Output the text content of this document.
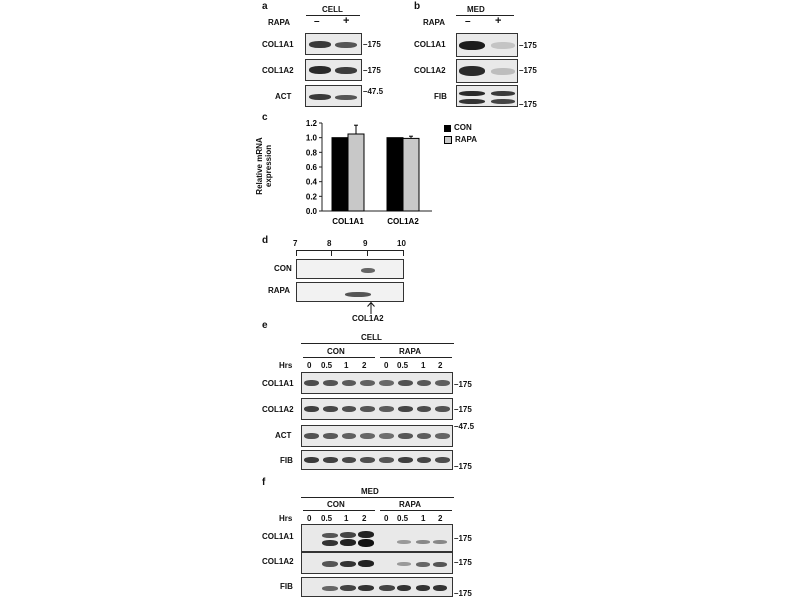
a	CELL
RAPA – +
COL1A1	–175
COL1A2	–175
ACT
–47.5
b	MED
RAPA – +
COL1A1	–175
COL1A2	–175
FIB
–175
c
Relative mRNA expression
0.0
0.2
0.4
0.6
0.8
1.0
1.2
COL1A1	COL1A2
CON
RAPA
d	7	8	9	10
CON
RAPA
COL1A2
e
CELL
CON	RAPA
Hrs 0 0.5 1 2 0 0.5 1 2
COL1A1	–175
COL1A2	–175
ACT
–47.5
FIB
–175
f
MED
CON	RAPA
Hrs 0 0.5 1 2 0 0.5 1 2
COL1A1	–175
COL1A2	–175
FIB
–175
